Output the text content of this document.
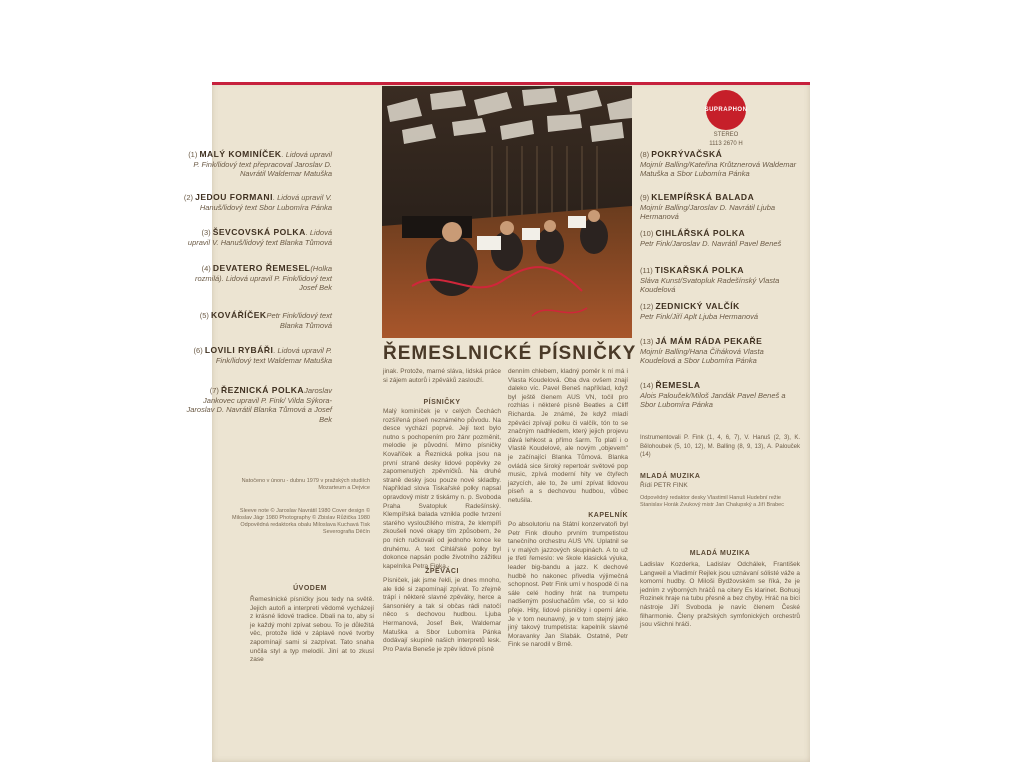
SUPRAPHON
STEREO
1113 2670 H
ŘEMESLNICKÉ PÍSNIČKY
(1) MALÝ KOMINÍČEK. Lidová upravil P. Fink/lidový text přepracoval Jaroslav D. Navrátil Waldemar Matuška
(2) JEDOU FORMANI. Lidová upravil V. Hanuš/lidový text Sbor Lubomíra Pánka
(3) ŠEVCOVSKÁ POLKA. Lidová upravil V. Hanuš/lidový text Blanka Tůmová
(4) DEVATERO ŘEMESEL(Holka rozmilá). Lidová upravil P. Fink/lidový text Josef Bek
(5) KOVÁŘÍČEKPetr Fink/lidový text Blanka Tůmová
(6) LOVILI RYBÁŘI. Lidová upravil P. Fink/lidový text Waldemar Matuška
(7) ŘEZNICKÁ POLKAJaroslav Jankovec upravil P. Fink/ Vilda Sýkora-Jaroslav D. Navrátil Blanka Tůmová a Josef Bek
(8) POKRÝVAČSKÁ
Mojmír Balling/Kateřina Krůtznerová Waldemar Matuška a Sbor Lubomíra Pánka
(9) KLEMPÍŘSKÁ BALADA
Mojmír Balling/Jaroslav D. Navrátil Ljuba Hermanová
(10) CIHLÁŘSKÁ POLKA
Petr Fink/Jaroslav D. Navrátil Pavel Beneš
(11) TISKAŘSKÁ POLKA
Sláva Kunst/Svatopluk Radešínský Vlasta Koudelová
(12) ZEDNICKÝ VALČÍK
Petr Fink/Jiří Aplt Ljuba Hermanová
(13) JÁ MÁM RÁDA PEKAŘE
Mojmír Balling/Hana Čiháková Vlasta Koudelová a Sbor Lubomíra Pánka
(14) ŘEMESLA
Alois Palouček/Miloš Jandák Pavel Beneš a Sbor Lubomíra Pánka
Instrumentovali P. Fink (1, 4, 6, 7), V. Hanuš (2, 3), K. Bělohoubek (5, 10, 12), M. Balling (8, 9, 13), A. Palouček (14)
MLADÁ MUZIKA
Řídí PETR FINK
Odpovědný redaktor desky Vlastimil Hanuš Hudební režie Stanislav Horák Zvukový mistr Jan Chalupský a Jiří Brabec
Natočeno v únoru - dubnu 1979 v pražských studiích Mozarteum a Dejvice
Sleeve note © Jaroslav Navrátil 1980 Cover design © Miloslav Jágr 1980 Photography © Zbislav Růžička 1980 Odpovědná redaktorka obalu Miloslava Kuchavá Tisk Severografia Děčín
ÚVODEM
Řemeslnické písničky jsou tedy na světě. Jejich autoři a interpreti vědomě vycházejí z krásné lidové tradice. Dbali na to, aby si je každý mohl zpívat sebou. To je důležitá věc, protože lidé v záplavě nové tvorby zapomínají sami si zazpívat. Tato snaha unčila styl a typ melodií. Jiní at to zkusí zase
jinak. Protože, marné sláva, lidská práce si zájem autorů i zpěváků zaslouží.
PÍSNIČKY
Malý kominíček je v celých Čechách rozšířená píseň neznámého původu. Na desce vychází poprvé. Její text bylo nutno s pochopením pro žánr pozměnit, melodie je původní. Mimo písničky Kovaříček a Řeznická polka jsou na první straně desky lidové popěvky ze zapomenutých zpěvníčků. Na druhé straně desky jsou pouze nové skladby. Například slova Tiskařské polky napsal opravdový mistr z tiskárny n. p. Svoboda Praha Svatopluk Radešínský. Klempířská balada vznikla podle tvrzení starého vysloužilého mistra, že klempíři zkoušeli nové okapy tím způsobem, že po nich ručkovali od jednoho konce ke druhému. A text Cihlářské polky byl dokonce napsán podle životního zážitku kapelníka Petra Finka.
ZPĚVÁCI
Písniček, jak jsme řekli, je dnes mnoho, ale lidé si zapomínají zpívat. To zřejmě trápí i některé slavné zpěváky, herce a šansoniéry a tak si občas rádi natočí něco s dechovou hudbou. Ljuba Hermanová, Josef Bek, Waldemar Matuška a Sbor Lubomíra Pánka dodávají skupině našich interpretů lesk. Pro Pavla Beneše je zpěv lidové písně
denním chlebem, kladný poměr k ní má i Vlasta Koudelová. Oba dva ovšem znají daleko víc. Pavel Beneš například, když byl ještě členem AUS VN, točil pro rozhlas i některé písně Beatles a Cliff Richarda. Je známé, že když mladí zpěváci zpívají polku či valčík, tón to se značným nadhledem, který jejich projevu dává lehkost a přímo šarm. To platí i o Vlastě Koudelové, ale novým „objevem" je začínající Blanka Tůmová. Blanka ovládá sice široký repertoár světové pop music, zpívá moderní hity ve čtyřech jazycích, ale to, že umí zpívat lidovou píseň a s dechovou hudbou, vůbec netušila.
KAPELNÍK
Po absolutoriu na Státní konzervatoři byl Petr Fink dlouho prvním trumpetistou tanečního orchestru AUS VN. Uplatnil se i v malých jazzových skupinách. A to už je třetí řemeslo: ve škole klasická výuka, leader big-bandu a jazz. K dechové hudbě ho nakonec přivedla výjimečná schopnost. Petr Fink umí v hospodě či na sále celé hodiny hrát na trumpetu nadšeným posluchačům vše, co si kdo přeje. Hity, lidové písničky i operní árie. Je v tom neunavný, je v tom stejný jako jiný takový trumpetista: kapelník slavné Moravanky Jan Slabák. Ostatně, Petr Fink se narodil v Brně.
MLADÁ MUZIKA
Ladislav Kozderka, Ladislav Odchálek, František Langweil a Vladimír Rejlek jsou uznávaní sólisté váže a komorní hudby. O Miloši Bydžovském se říká, že je jedním z výborných hráčů na citery Es klarinet. Bohuoj Rozinek hraje na tubu přesně a bez chyby. Hráč na bicí nástroje Jiří Svoboda je navíc členem České filharmonie. Členy pražských symfonických orchestrů jsou všichni hráči.
